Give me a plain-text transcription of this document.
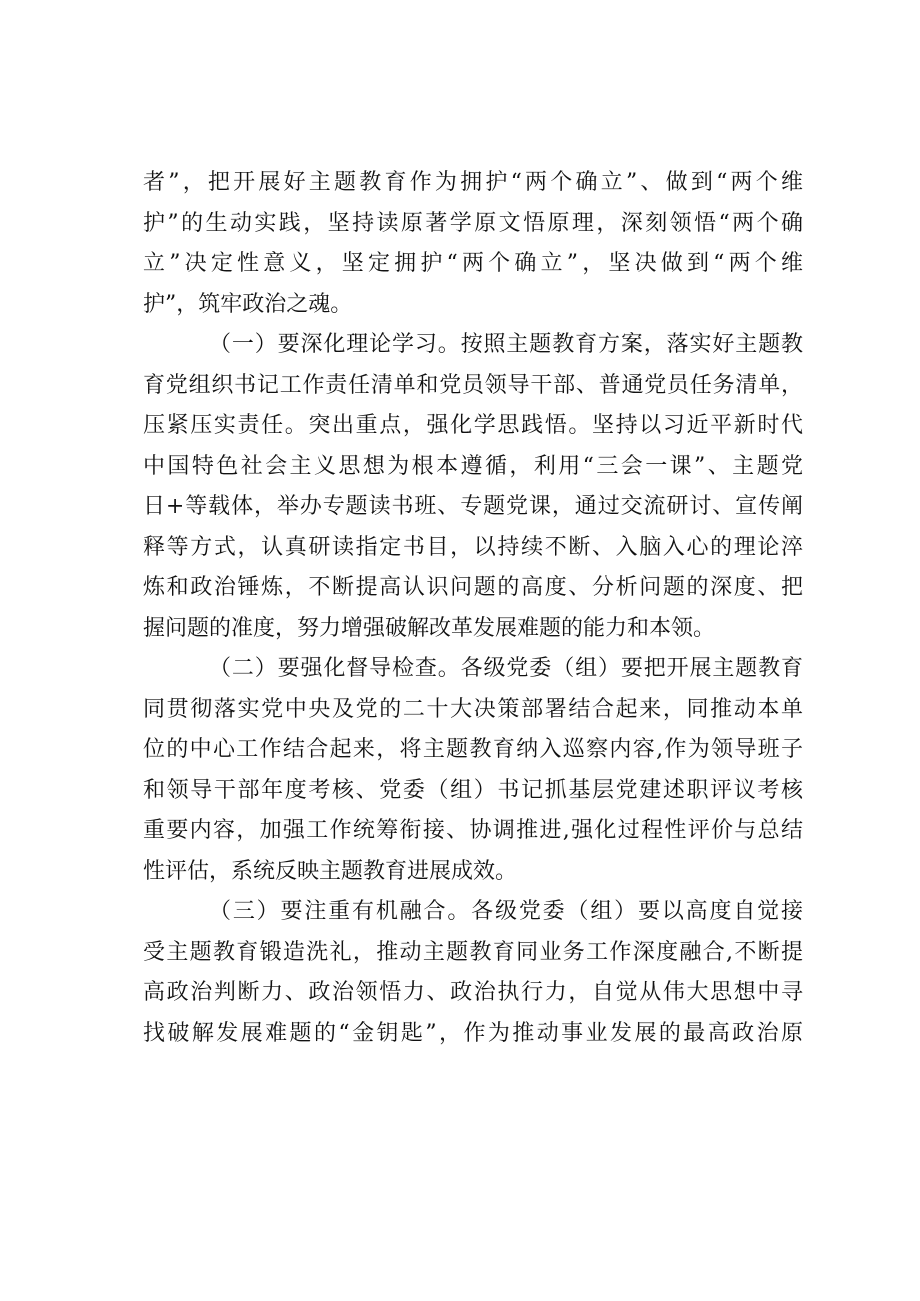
者”，把开展好主题教育作为拥护“两个确立”、做到“两个维
护”的生动实践，坚持读原著学原文悟原理，深刻领悟“两个确
立”决定性意义，坚定拥护“两个确立”，坚决做到“两个维
护”，筑牢政治之魂。
（一）要深化理论学习。按照主题教育方案，落实好主题教
育党组织书记工作责任清单和党员领导干部、普通党员任务清单，
压紧压实责任。突出重点，强化学思践悟。坚持以习近平新时代
中国特色社会主义思想为根本遵循，利用“三会一课”、主题党
日+等载体，举办专题读书班、专题党课，通过交流研讨、宣传阐
释等方式，认真研读指定书目，以持续不断、入脑入心的理论淬
炼和政治锤炼，不断提高认识问题的高度、分析问题的深度、把
握问题的准度，努力增强破解改革发展难题的能力和本领。
（二）要强化督导检查。各级党委（组）要把开展主题教育
同贯彻落实党中央及党的二十大决策部署结合起来，同推动本单
位的中心工作结合起来，将主题教育纳入巡察内容,作为领导班子
和领导干部年度考核、党委（组）书记抓基层党建述职评议考核
重要内容，加强工作统筹衔接、协调推进,强化过程性评价与总结
性评估，系统反映主题教育进展成效。
（三）要注重有机融合。各级党委（组）要以高度自觉接
受主题教育锻造洗礼，推动主题教育同业务工作深度融合,不断提
高政治判断力、政治领悟力、政治执行力，自觉从伟大思想中寻
找破解发展难题的“金钥匙”，作为推动事业发展的最高政治原
